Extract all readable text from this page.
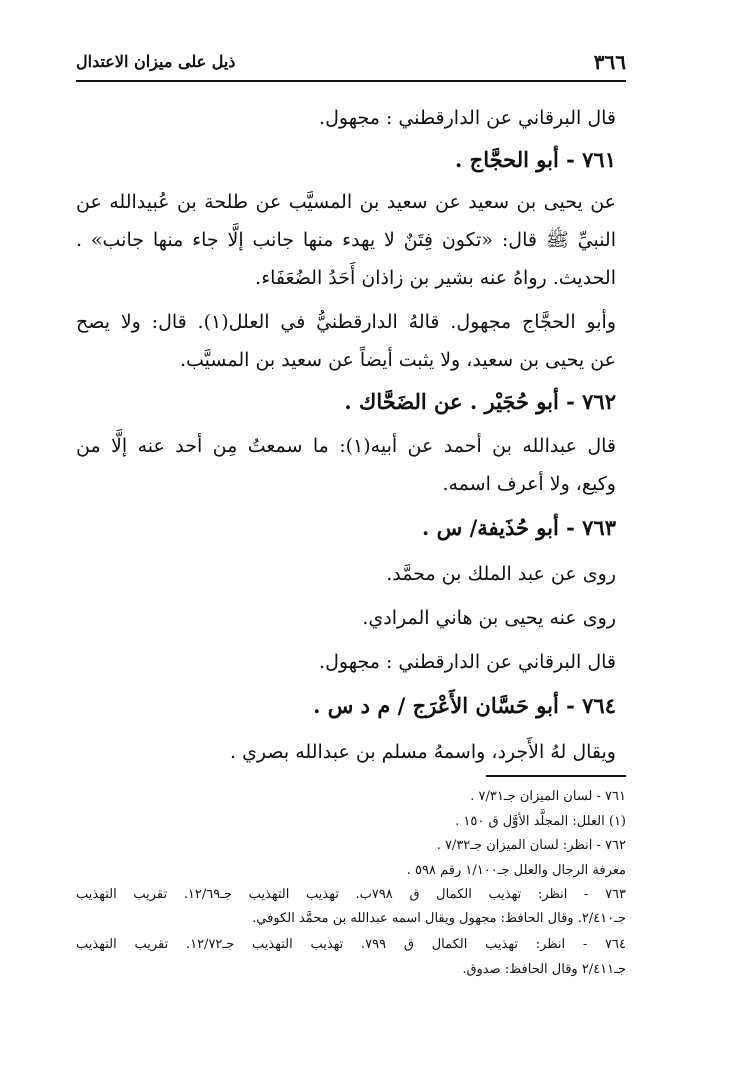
٣٦٦
ذيل على ميزان الاعتدال
قال البرقاني عن الدارقطني : مجهول.
٧٦١ - أبو الحجَّاج .
عن يحيى بن سعيد عن سعيد بن المسيَّب عن طلحة بن عُبيدالله عن
النبيِّ ﷺ قال: «تكون فِتَنٌ لا يهدء منها جانب إلَّا جاء منها جانب» .
الحديث. رواهُ عنه بشير بن زاذان أَحَدُ الضُعَفَاء.
وأبو الحجَّاج مجهول. قالهُ الدارقطنيُّ في العلل(١). قال: ولا يصح
عن يحيى بن سعيد، ولا يثبت أيضاً عن سعيد بن المسيَّب.
٧٦٢ - أبو حُجَيْر . عن الضَحَّاك .
قال عبدالله بن أحمد عن أبيه(١): ما سمعتُ مِن أحد عنه إلَّا من
وكيع، ولا أعرف اسمه.
٧٦٣ - أبو حُذَيفة/ س .
روى عن عبد الملك بن محمَّد.
روى عنه يحيى بن هاني المرادي.
قال البرقاني عن الدارقطني : مجهول.
٧٦٤ - أبو حَسَّان الأَعْرَج / م د س .
ويقال لهُ الأَجرد، واسمهُ مسلم بن عبدالله بصري .
٧٦١ - لسان الميزان جـ٧/٣١ .
(١) العلل: المجلَّد الأوَّل ق ١٥٠ .
٧٦٢ - انظر: لسان الميزان جـ٧/٣٢ .
معرفة الرجال والعلل جـ١/١٠٠ رقم ٥٩٨ .
٧٦٣ - انظر: تهذيب الكمال ق ٧٩٨ب. تهذيب التهذيب جـ١٢/٦٩. تقريب التهذيب
جـ٢/٤١٠. وقال الحافظ: مجهول ويقال اسمه عبدالله بن محمَّد الكوفي.
٧٦٤ - انظر: تهذيب الكمال ق ٧٩٩. تهذيب التهذيب جـ١٢/٧٢. تقريب التهذيب
جـ٢/٤١١ وقال الحافظ: صدوق.
